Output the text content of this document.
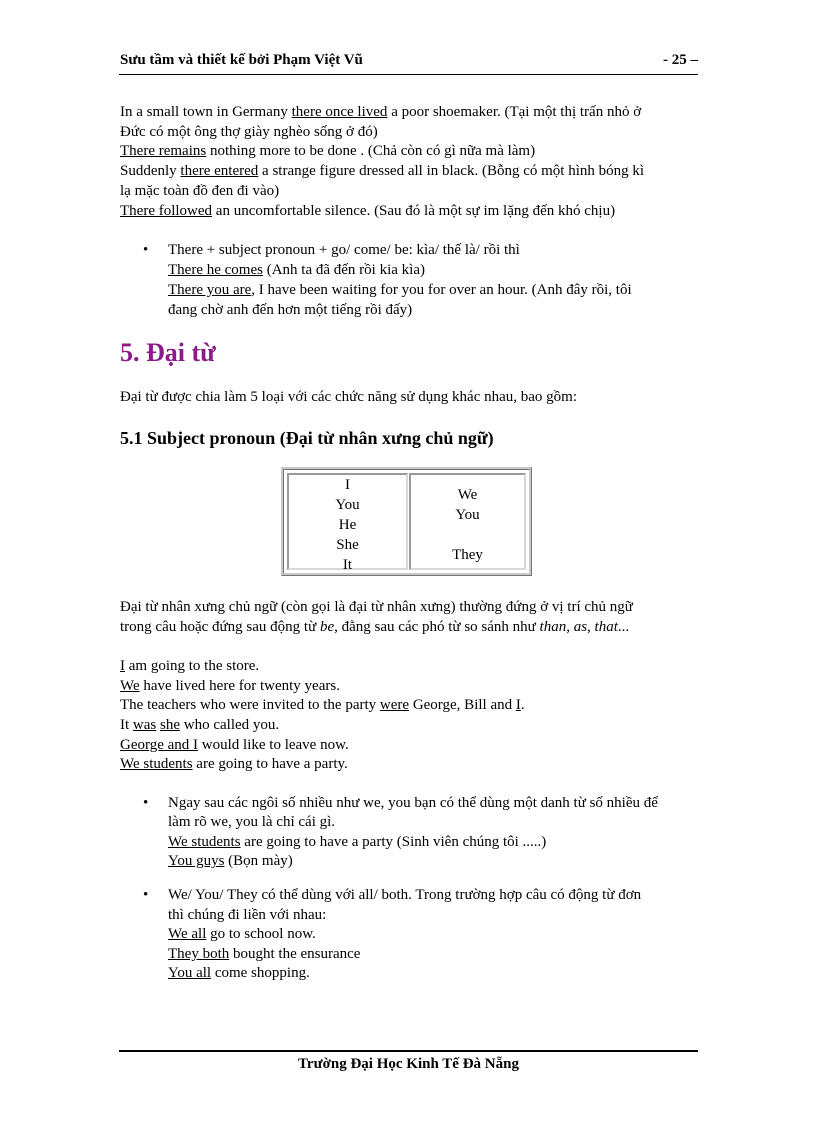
Sưu tầm và thiết kế bởi Phạm Việt Vũ	- 25 –
In a small town in Germany there once lived a poor shoemaker. (Tại một thị trấn nhỏ ở
Đức có một ông thợ giày nghèo sống ở đó)
There remains nothing more to be done . (Chả còn có gì nữa mà làm)
Suddenly there entered a strange figure dressed all in black. (Bỗng có một hình bóng kì
lạ mặc toàn đồ đen đi vào)
There followed an uncomfortable silence. (Sau đó là một sự im lặng đến khó chịu)
• There + subject pronoun + go/ come/ be: kìa/ thế là/ rồi thì
There he comes (Anh ta đã đến rồi kia kìa)
There you are, I have been waiting for you for over an hour. (Anh đây rồi, tôi
đang chờ anh đến hơn một tiếng rồi đấy)
5. Đại từ
Đại từ được chia làm 5 loại với các chức năng sử dụng khác nhau, bao gồm:
5.1 Subject pronoun (Đại từ nhân xưng chủ ngữ)
I
You
He
She
It
We
You
They
Đại từ nhân xưng chủ ngữ (còn gọi là đại từ nhân xưng) thường đứng ở vị trí chủ ngữ
trong câu hoặc đứng sau động từ be, đằng sau các phó từ so sánh như than, as, that...
I am going to the store.
We have lived here for twenty years.
The teachers who were invited to the party were George, Bill and I.
It was she who called you.
George and I would like to leave now.
We students are going to have a party.
• Ngay sau các ngôi số nhiều như we, you bạn có thể dùng một danh từ số nhiều để
làm rõ we, you là chỉ cái gì.
We students are going to have a party (Sinh viên chúng tôi .....)
You guys (Bọn mày)
• We/ You/ They có thể dùng với all/ both. Trong trường hợp câu có động từ đơn
thì chúng đi liền với nhau:
We all go to school now.
They both bought the ensurance
You all come shopping.
Trường Đại Học Kinh Tế Đà Nẵng
